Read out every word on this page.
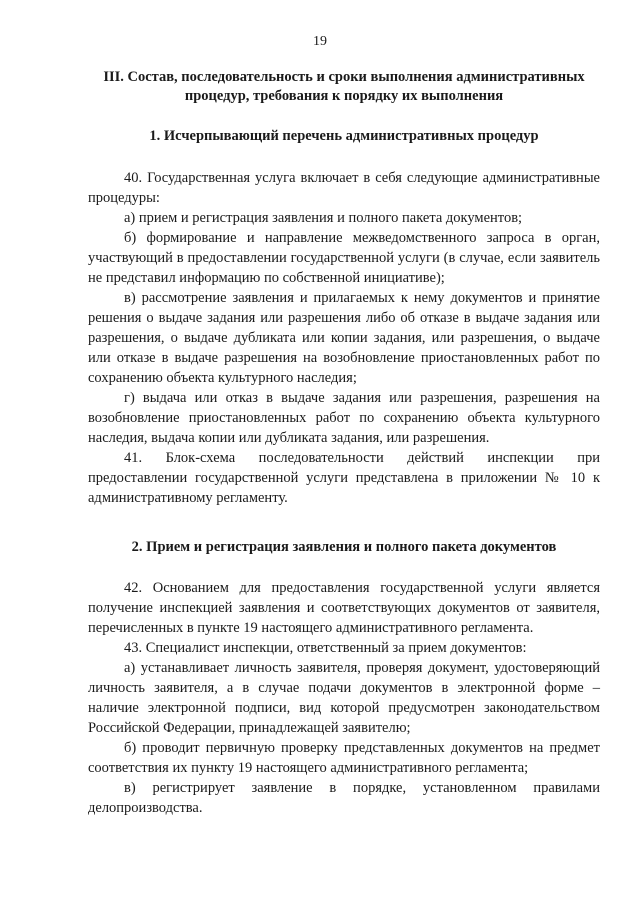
19
III. Состав, последовательность и сроки выполнения административных
процедур, требования к порядку их выполнения
1. Исчерпывающий перечень административных процедур

40. Государственная услуга включает в себя следующие административные процедуры:

а) прием и регистрация заявления и полного пакета документов;

б) формирование и направление межведомственного запроса в орган, участвующий в предоставлении государственной услуги (в случае, если заявитель не представил информацию по собственной инициативе);

в) рассмотрение заявления и прилагаемых к нему документов и принятие решения о выдаче задания или разрешения либо об отказе в выдаче задания или разрешения, о выдаче дубликата или копии задания, или разрешения, о выдаче или отказе в выдаче разрешения на возобновление приостановленных работ по сохранению объекта культурного наследия;

г) выдача или отказ в выдаче задания или разрешения, разрешения на возобновление приостановленных работ по сохранению объекта культурного наследия, выдача копии или дубликата задания, или разрешения.

41. Блок-схема последовательности действий инспекции при предоставлении государственной услуги представлена в приложении № 10 к административному регламенту.

2. Прием и регистрация заявления и полного пакета документов

42. Основанием для предоставления государственной услуги является получение инспекцией заявления и соответствующих документов от заявителя, перечисленных в пункте 19 настоящего административного регламента.

43. Специалист инспекции, ответственный за прием документов:

а) устанавливает личность заявителя, проверяя документ, удостоверяющий личность заявителя, а в случае подачи документов в электронной форме – наличие электронной подписи, вид которой предусмотрен законодательством Российской Федерации, принадлежащей заявителю;

б) проводит первичную проверку представленных документов на предмет соответствия их пункту 19 настоящего административного регламента;

в) регистрирует заявление в порядке, установленном правилами делопроизводства.
